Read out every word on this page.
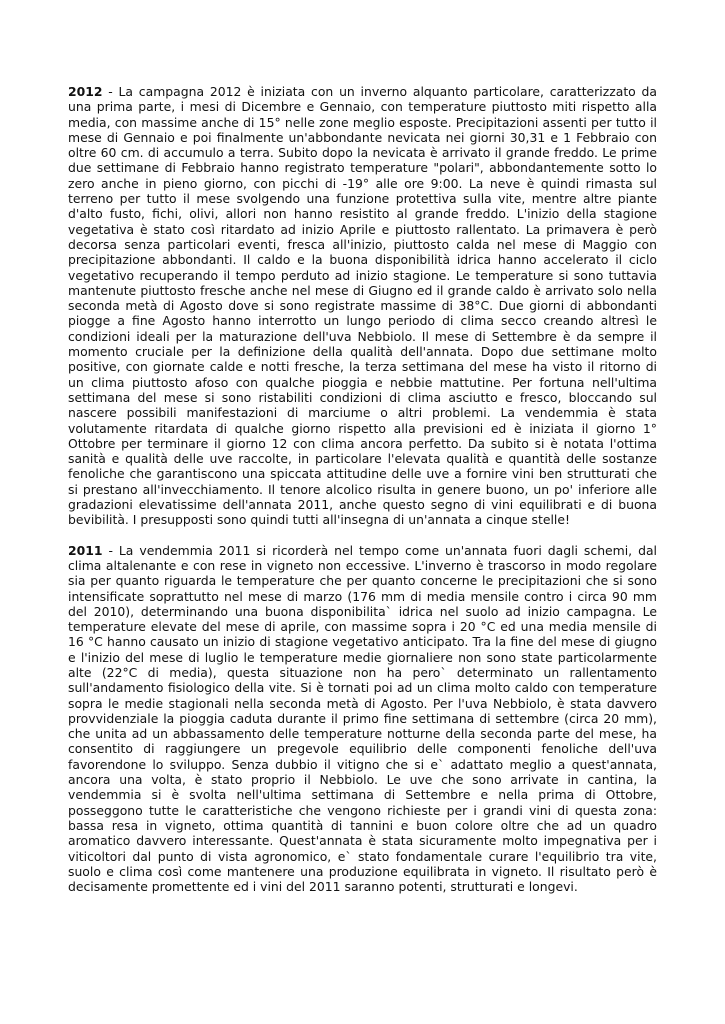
2012 - La campagna 2012 è iniziata con un inverno alquanto particolare, caratterizzato da una prima parte, i mesi di Dicembre e Gennaio, con temperature piuttosto miti rispetto alla media, con massime anche di 15° nelle zone meglio esposte. Precipitazioni assenti per tutto il mese di Gennaio e poi finalmente un'abbondante nevicata nei giorni 30,31 e 1 Febbraio con oltre 60 cm. di accumulo a terra. Subito dopo la nevicata è arrivato il grande freddo. Le prime due settimane di Febbraio hanno registrato temperature "polari", abbondantemente sotto lo zero anche in pieno giorno, con picchi di -19° alle ore 9:00. La neve è quindi rimasta sul terreno per tutto il mese svolgendo una funzione protettiva sulla vite, mentre altre piante d'alto fusto, fichi, olivi, allori non hanno resistito al grande freddo. L'inizio della stagione vegetativa è stato così ritardato ad inizio Aprile e piuttosto rallentato. La primavera è però decorsa senza particolari eventi, fresca all'inizio, piuttosto calda nel mese di Maggio con precipitazione abbondanti. Il caldo e la buona disponibilità idrica hanno accelerato il ciclo vegetativo recuperando il tempo perduto ad inizio stagione. Le temperature si sono tuttavia mantenute piuttosto fresche anche nel mese di Giugno ed il grande caldo è arrivato solo nella seconda metà di Agosto dove si sono registrate massime di 38°C. Due giorni di abbondanti piogge a fine Agosto hanno interrotto un lungo periodo di clima secco creando altresì le condizioni ideali per la maturazione dell'uva Nebbiolo. Il mese di Settembre è da sempre il momento cruciale per la definizione della qualità dell'annata. Dopo due settimane molto positive, con giornate calde e notti fresche, la terza settimana del mese ha visto il ritorno di un clima piuttosto afoso con qualche pioggia e nebbie mattutine. Per fortuna nell'ultima settimana del mese si sono ristabiliti condizioni di clima asciutto e fresco, bloccando sul nascere possibili manifestazioni di marciume o altri problemi. La vendemmia è stata volutamente ritardata di qualche giorno rispetto alla previsioni ed è iniziata il giorno 1° Ottobre per terminare il giorno 12 con clima ancora perfetto. Da subito si è notata l'ottima sanità e qualità delle uve raccolte, in particolare l'elevata qualità e quantità delle sostanze fenoliche che garantiscono una spiccata attitudine delle uve a fornire vini ben strutturati che si prestano all'invecchiamento. Il tenore alcolico risulta in genere buono, un po' inferiore alle gradazioni elevatissime dell'annata 2011, anche questo segno di vini equilibrati e di buona bevibilità. I presupposti sono quindi tutti all'insegna di un'annata a cinque stelle!

2011 - La vendemmia 2011 si ricorderà nel tempo come un'annata fuori dagli schemi, dal clima altalenante e con rese in vigneto non eccessive. L'inverno è trascorso in modo regolare sia per quanto riguarda le temperature che per quanto concerne le precipitazioni che si sono intensificate soprattutto nel mese di marzo (176 mm di media mensile contro i circa 90 mm del 2010), determinando una buona disponibilita` idrica nel suolo ad inizio campagna. Le temperature elevate del mese di aprile, con massime sopra i 20 °C ed una media mensile di 16 °C hanno causato un inizio di stagione vegetativo anticipato. Tra la fine del mese di giugno e l'inizio del mese di luglio le temperature medie giornaliere non sono state particolarmente alte (22°C di media), questa situazione non ha pero` determinato un rallentamento sull'andamento fisiologico della vite. Si è tornati poi ad un clima molto caldo con temperature sopra le medie stagionali nella seconda metà di Agosto. Per l'uva Nebbiolo, è stata davvero provvidenziale la pioggia caduta durante il primo fine settimana di settembre (circa 20 mm), che unita ad un abbassamento delle temperature notturne della seconda parte del mese, ha consentito di raggiungere un pregevole equilibrio delle componenti fenoliche dell'uva favorendone lo sviluppo. Senza dubbio il vitigno che si e` adattato meglio a quest'annata, ancora una volta, è stato proprio il Nebbiolo. Le uve che sono arrivate in cantina, la vendemmia si è svolta nell'ultima settimana di Settembre e nella prima di Ottobre, posseggono tutte le caratteristiche che vengono richieste per i grandi vini di questa zona: bassa resa in vigneto, ottima quantità di tannini e buon colore oltre che ad un quadro aromatico davvero interessante. Quest'annata è stata sicuramente molto impegnativa per i viticoltori dal punto di vista agronomico, e` stato fondamentale curare l'equilibrio tra vite, suolo e clima così come mantenere una produzione equilibrata in vigneto. Il risultato però è decisamente promettente ed i vini del 2011 saranno potenti, strutturati e longevi.
